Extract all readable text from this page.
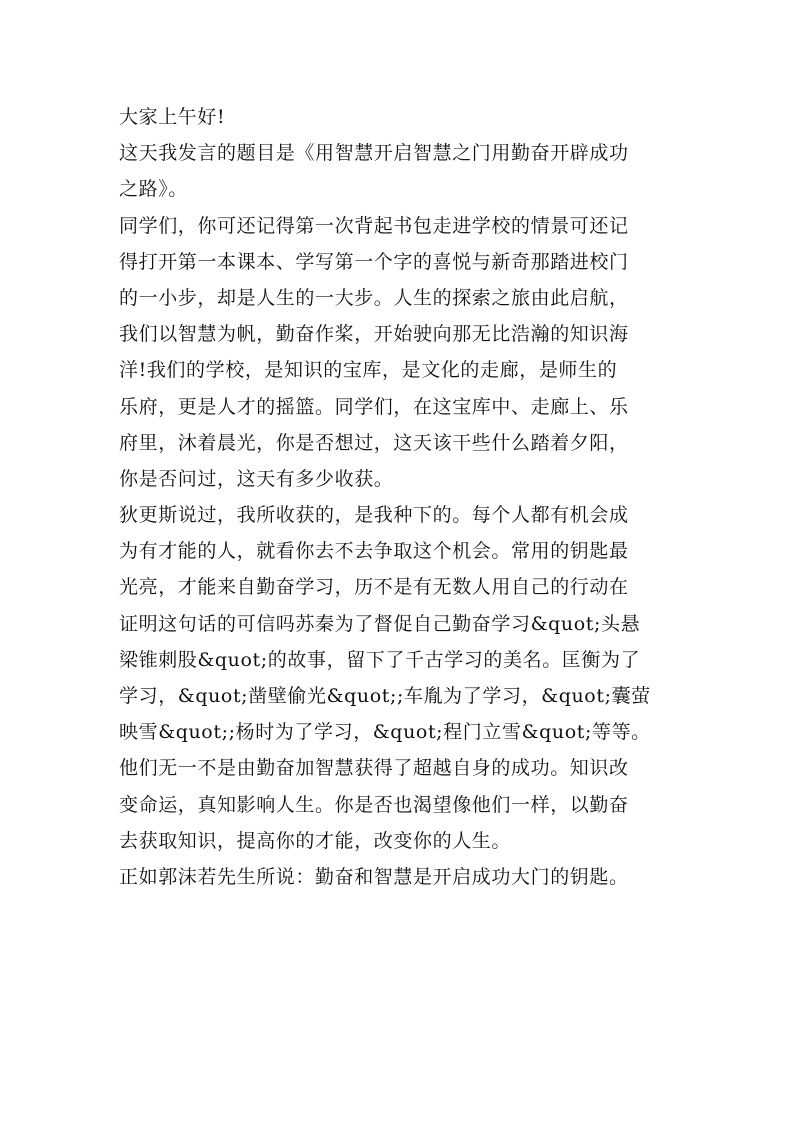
大家上午好!

这天我发言的题目是《用智慧开启智慧之门用勤奋开辟成功

之路》。

同学们，你可还记得第一次背起书包走进学校的情景可还记

得打开第一本课本、学写第一个字的喜悦与新奇那踏进校门

的一小步，却是人生的一大步。人生的探索之旅由此启航，

我们以智慧为帆，勤奋作桨，开始驶向那无比浩瀚的知识海

洋!我们的学校，是知识的宝库，是文化的走廊，是师生的

乐府，更是人才的摇篮。同学们，在这宝库中、走廊上、乐

府里，沐着晨光，你是否想过，这天该干些什么踏着夕阳，

你是否问过，这天有多少收获。

狄更斯说过，我所收获的，是我种下的。每个人都有机会成

为有才能的人，就看你去不去争取这个机会。常用的钥匙最

光亮，才能来自勤奋学习，历不是有无数人用自己的行动在

证明这句话的可信吗苏秦为了督促自己勤奋学习&quot;头悬

梁锥刺股&quot;的故事，留下了千古学习的美名。匡衡为了

学习，&quot;凿壁偷光&quot;;车胤为了学习，&quot;囊萤

映雪&quot;;杨时为了学习，&quot;程门立雪&quot;等等。

他们无一不是由勤奋加智慧获得了超越自身的成功。知识改

变命运，真知影响人生。你是否也渴望像他们一样，以勤奋

去获取知识，提高你的才能，改变你的人生。

正如郭沫若先生所说：勤奋和智慧是开启成功大门的钥匙。
